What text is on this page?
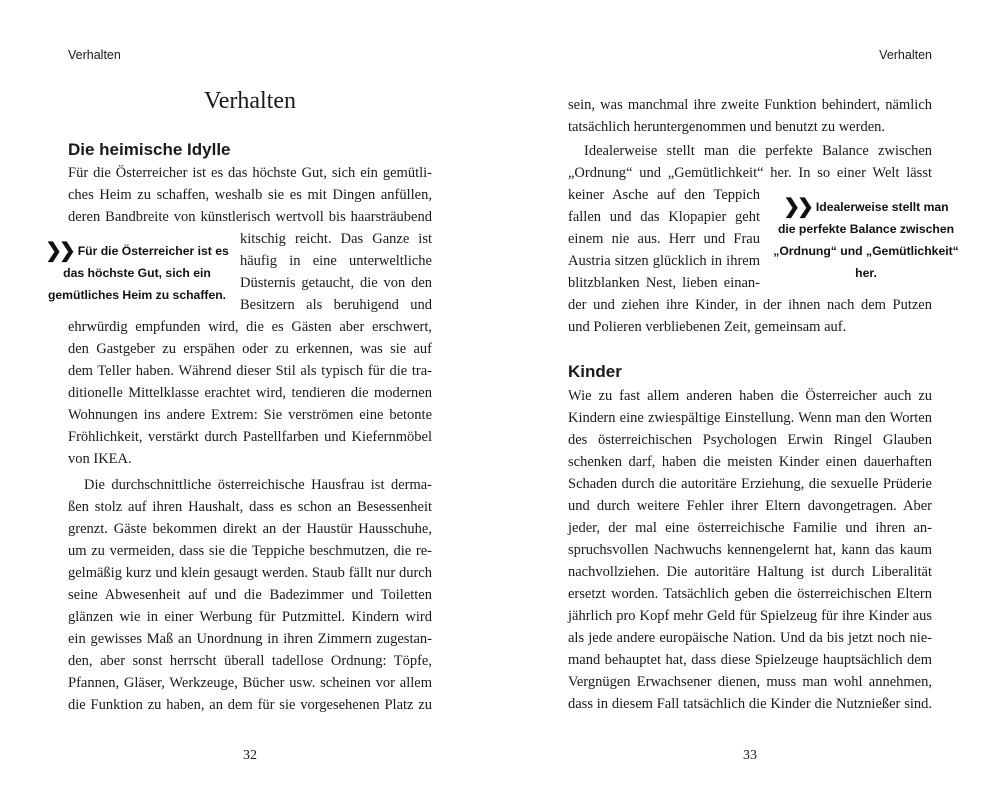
Verhalten
Verhalten
Die heimische Idylle
Für die Österreicher ist es das höchste Gut, sich ein gemütli-
ches Heim zu schaffen, weshalb sie es mit Dingen anfüllen,
deren Bandbreite von künstlerisch wertvoll bis haarsträubend
kitschig reicht. Das Ganze ist
häufig in eine unterweltliche
Düsternis getaucht, die von den
Besitzern als beruhigend und
ehrwürdig empfunden wird, die es Gästen aber erschwert,
den Gastgeber zu erspähen oder zu erkennen, was sie auf
dem Teller haben. Während dieser Stil als typisch für die tra-
ditionelle Mittelklasse erachtet wird, tendieren die modernen
Wohnungen ins andere Extrem: Sie verströmen eine betonte
Fröhlichkeit, verstärkt durch Pastellfarben und Kiefernmöbel
von IKEA.
Die durchschnittliche österreichische Hausfrau ist derma-
ßen stolz auf ihren Haushalt, dass es schon an Besessenheit
grenzt. Gäste bekommen direkt an der Haustür Hausschuhe,
um zu vermeiden, dass sie die Teppiche beschmutzen, die re-
gelmäßig kurz und klein gesaugt werden. Staub fällt nur durch
seine Abwesenheit auf und die Badezimmer und Toiletten
glänzen wie in einer Werbung für Putzmittel. Kindern wird
ein gewisses Maß an Unordnung in ihren Zimmern zugestan-
den, aber sonst herrscht überall tadellose Ordnung: Töpfe,
Pfannen, Gläser, Werkzeuge, Bücher usw. scheinen vor allem
die Funktion zu haben, an dem für sie vorgesehenen Platz zu
❯❯ Für die Österreicher ist es
das höchste Gut, sich ein
gemütliches Heim zu schaffen.
32
Verhalten
sein, was manchmal ihre zweite Funktion behindert, nämlich
tatsächlich heruntergenommen und benutzt zu werden.
Idealerweise stellt man die perfekte Balance zwischen
„Ordnung“ und „Gemütlichkeit“ her. In so einer Welt lässt
keiner Asche auf den Teppich
fallen und das Klopapier geht
einem nie aus. Herr und Frau
Austria sitzen glücklich in ihrem
blitzblanken Nest, lieben einan-
der und ziehen ihre Kinder, in der ihnen nach dem Putzen
und Polieren verbliebenen Zeit, gemeinsam auf.
❯❯ Idealerweise stellt man
die perfekte Balance zwischen
„Ordnung“ und „Gemütlichkeit“
her.
Kinder
Wie zu fast allem anderen haben die Österreicher auch zu
Kindern eine zwiespältige Einstellung. Wenn man den Worten
des österreichischen Psychologen Erwin Ringel Glauben
schenken darf, haben die meisten Kinder einen dauerhaften
Schaden durch die autoritäre Erziehung, die sexuelle Prüderie
und durch weitere Fehler ihrer Eltern davongetragen. Aber
jeder, der mal eine österreichische Familie und ihren an-
spruchsvollen Nachwuchs kennengelernt hat, kann das kaum
nachvollziehen. Die autoritäre Haltung ist durch Liberalität
ersetzt worden. Tatsächlich geben die österreichischen Eltern
jährlich pro Kopf mehr Geld für Spielzeug für ihre Kinder aus
als jede andere europäische Nation. Und da bis jetzt noch nie-
mand behauptet hat, dass diese Spielzeuge hauptsächlich dem
Vergnügen Erwachsener dienen, muss man wohl annehmen,
dass in diesem Fall tatsächlich die Kinder die Nutznießer sind.
33
